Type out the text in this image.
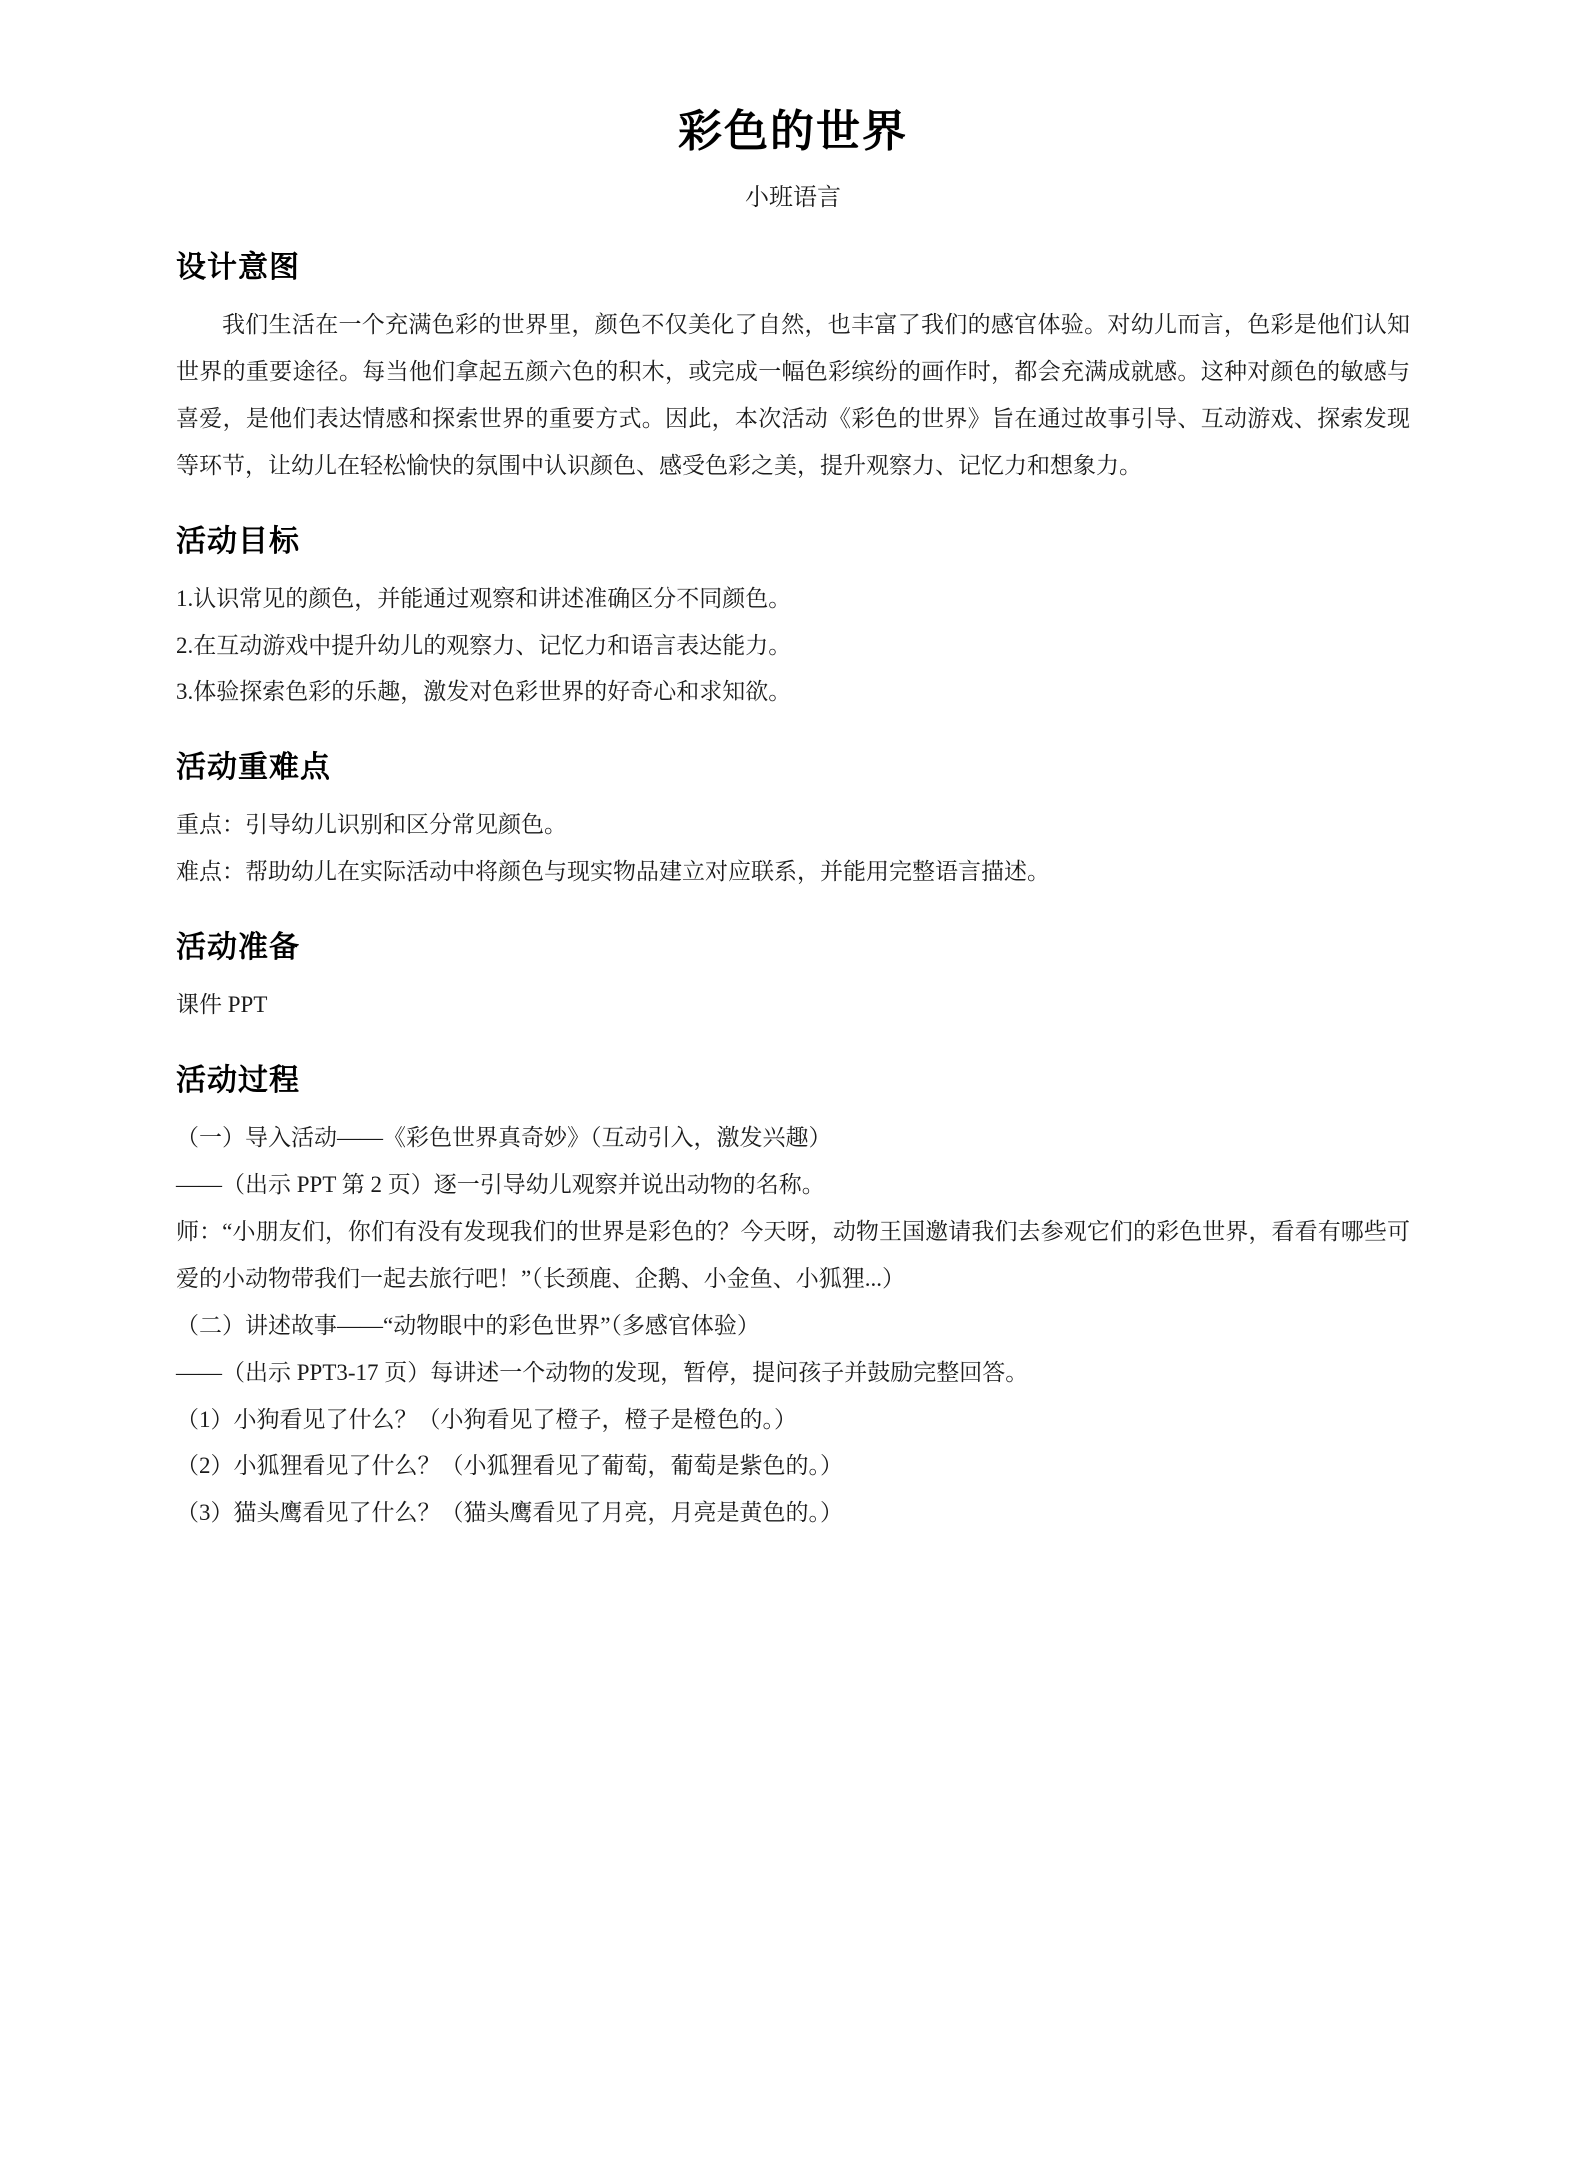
彩色的世界
小班语言
设计意图

我们生活在一个充满色彩的世界里，颜色不仅美化了自然，也丰富了我们的感官体验。对幼儿而言，色彩是他们认知世界的重要途径。每当他们拿起五颜六色的积木，或完成一幅色彩缤纷的画作时，都会充满成就感。这种对颜色的敏感与喜爱，是他们表达情感和探索世界的重要方式。因此，本次活动《彩色的世界》旨在通过故事引导、互动游戏、探索发现等环节，让幼儿在轻松愉快的氛围中认识颜色、感受色彩之美，提升观察力、记忆力和想象力。

活动目标

1.认识常见的颜色，并能通过观察和讲述准确区分不同颜色。

2.在互动游戏中提升幼儿的观察力、记忆力和语言表达能力。

3.体验探索色彩的乐趣，激发对色彩世界的好奇心和求知欲。

活动重难点

重点：引导幼儿识别和区分常见颜色。

难点：帮助幼儿在实际活动中将颜色与现实物品建立对应联系，并能用完整语言描述。

活动准备

课件 PPT

活动过程

（一）导入活动——《彩色世界真奇妙》（互动引入，激发兴趣）

——（出示 PPT 第 2 页）逐一引导幼儿观察并说出动物的名称。

师：“小朋友们，你们有没有发现我们的世界是彩色的？今天呀，动物王国邀请我们去参观它们的彩色世界，看看有哪些可爱的小动物带我们一起去旅行吧！”（长颈鹿、企鹅、小金鱼、小狐狸...）

（二）讲述故事——“动物眼中的彩色世界”（多感官体验）

——（出示 PPT3-17 页）每讲述一个动物的发现，暂停，提问孩子并鼓励完整回答。

（1）小狗看见了什么？（小狗看见了橙子，橙子是橙色的。）

（2）小狐狸看见了什么？（小狐狸看见了葡萄，葡萄是紫色的。）

（3）猫头鹰看见了什么？（猫头鹰看见了月亮，月亮是黄色的。）
